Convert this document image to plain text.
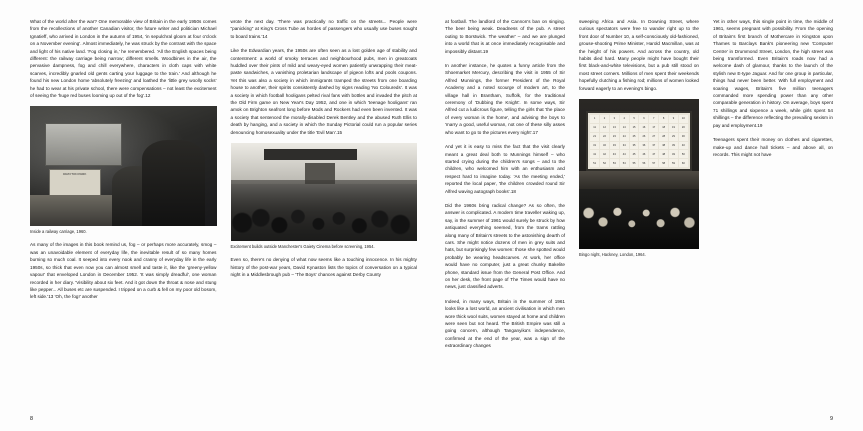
What of the world after the war? One memorable view of Britain in the early 1950s comes from the recollections of another Canadian visitor, the future writer and politician Michael Ignatieff, who arrived in London in the autumn of 1954, 'in sepulchral gloom at four o'clock on a November evening'. Almost immediately, he was struck by the contrast with the space and light of his native land. 'Fog closing in,' he remembered. 'All the English spaces being different: the railway carriage being narrow; different smells. Woodbines in the air, the pervasive dampness, fog and chill everywhere, characters in cloth caps with white scarves, incredibly gnarled old gents carting your luggage to the train.' And although he found his new London home 'absolutely freezing' and loathed the 'little grey woolly socks' he had to wear at his private school, there were compensations – not least the excitement of seeing the 'huge red buses looming up out of the fog'.12

DRAYTON PARK
Inside a railway carriage, 1960.

As many of the images in this book remind us, fog – or perhaps more accurately, smog – was an unavoidable element of everyday life, the inevitable result of so many homes burning so much coal. It seeped into every nook and cranny of everyday life in the early 1950s, so thick that even now you can almost smell and taste it, like the 'greeny-yellow vapour' that enveloped London in December 1952. 'It was simply dreadful', one woman recorded in her diary. 'Visibility about six feet. And it got down the throat & nose and stung like pepper... All buses etc are suspended. I tripped on a curb & fell on my poor old bosom, left side.'13 'Oh, the fog!' another

wrote the next day. 'There was practically no traffic on the streets... People were "panicking" at King's Cross Tube as hordes of passengers who usually use buses sought to board trains.'14

Like the Edwardian years, the 1950s are often seen as a lost golden age of stability and contentment: a world of smoky terraces and neighbourhood pubs, men in greatcoats huddled over their pints of mild and weary-eyed women patiently unwrapping their meat-paste sandwiches, a vanishing proletarian landscape of pigeon lofts and pools coupons. Yet this was also a society in which immigrants tramped the streets from one boarding house to another, their spirits consistently dashed by signs reading 'No Coloureds'. It was a society in which football hooligans pelted rival fans with bottles and invaded the pitch at the Old Firm game on New Year's Day 1952, and one in which 'teenage hooligans' ran amok on Brighton seafront long before Mods and Rockers had even been invented. It was a society that sentenced the morally-disabled Derek Bentley and the abused Ruth Ellis to death by hanging, and a society in which the Sunday Pictorial could run a popular series denouncing homosexuality under the title 'Evil Man'.15

Excitement builds outside Manchester's Gaiety Cinema before screening, 1954.

Even so, there's no denying of what now seems like a touching innocence. In his mighty history of the post-war years, David Kynaston lists the topics of conversation on a typical night in a Middlesbrough pub – 'The Boys' chances against Derby County

8

at football. The landlord of the Cannon's ban on singing. The beer being weak. Deadness of the pub. A street outing to Borstwick. The weather' – and we are plunged into a world that is at once immediately recognisable and impossibly distant.19

In another instance, he quotes a funny article from the Shoemarket Mercury, describing the visit in 1955 of Sir Alfred Munnings, the former President of the Royal Academy and a noted scourge of modern art, to the village hall in Brantham, Suffolk, for the traditional ceremony of 'Dubbing the Knight'. In some ways, Sir Alfred cut a ludicrous figure, telling the girls that 'the place of every woman is the home', and advising the boys to 'marry a good, useful woman, not one of these silly asses who want to go to the pictures every night'.17

And yet it is easy to miss the fact that the visit clearly meant a great deal both to Munnings himself – who started crying during the children's songs – and to the children, who welcomed him with an enthusiasm and respect hard to imagine today. 'As the meeting ended,' reported the local paper, 'the children crowded round Sir Alfred waving autograph books'.18

Did the 1960s bring radical change? As so often, the answer is complicated. A modern time traveller waking up, say, in the summer of 1961 would surely be struck by how antiquated everything seemed, from the trams rattling along many of Britain's streets to the astonishing dearth of cars. She might notice dozens of men in grey suits and hats, but surprisingly few women: those she spotted would probably be wearing headscarves. At work, her office would have no computer, just a great chunky Bakelite phone, standard issue from the General Post Office. And on her desk, the front page of The Times would have no news, just classified adverts.

Indeed, in many ways, Britain in the summer of 1961 looks like a lost world, an ancient civilisation in which men wore thick wool suits, women stayed at home and children were seen but not heard. The British Empire was still a going concern, although Tanganyika's independence, confirmed at the end of the year, was a sign of the extraordinary changes

sweeping Africa and Asia. In Downing Street, where curious spectators were free to wander right up to the front door of Number 10, a self-consciously old-fashioned, grouse-shooting Prime Minister, Harold Macmillan, was at the height of his powers. And across the country, old habits died hard. Many people might have bought their first black-and-white televisions, but a pub still stood on most street corners. Millions of men spent their weekends hopefully clutching a fishing rod; millions of women looked forward eagerly to an evening's bingo.

1	2	3	4	5	6	7	8	9	10
11	12	13	14	15	16	17	18	19	20
21	22	23	24	25	26	27	28	29	30
31	32	33	34	35	36	37	38	39	40
41	42	43	44	45	46	47	48	49	50
51	52	53	54	55	56	57	58	59	60
Bingo night, Hackney, London, 1964.

Yet in other ways, this single point in time, the middle of 1961, seems pregnant with possibility. From the opening of Britain's first branch of Mothercare in Kingston upon Thames to Barclays Bank's pioneering new 'Computer Centre' in Drummond Street, London, the high street was being transformed. Even Britain's roads now had a welcome dash of glamour, thanks to the launch of the stylish new E-type Jaguar. And for one group in particular, things had never been better. With full employment and soaring wages, Britain's five million teenagers commanded more spending power than any other comparable generation in history. On average, boys spent 71 shillings and sixpence a week, while girls spent 54 shillings – the difference reflecting the prevailing sexism in pay and employment.19

Teenagers spent their money on clothes and cigarettes, make-up and dance hall tickets – and above all, on records. This might not have

9
